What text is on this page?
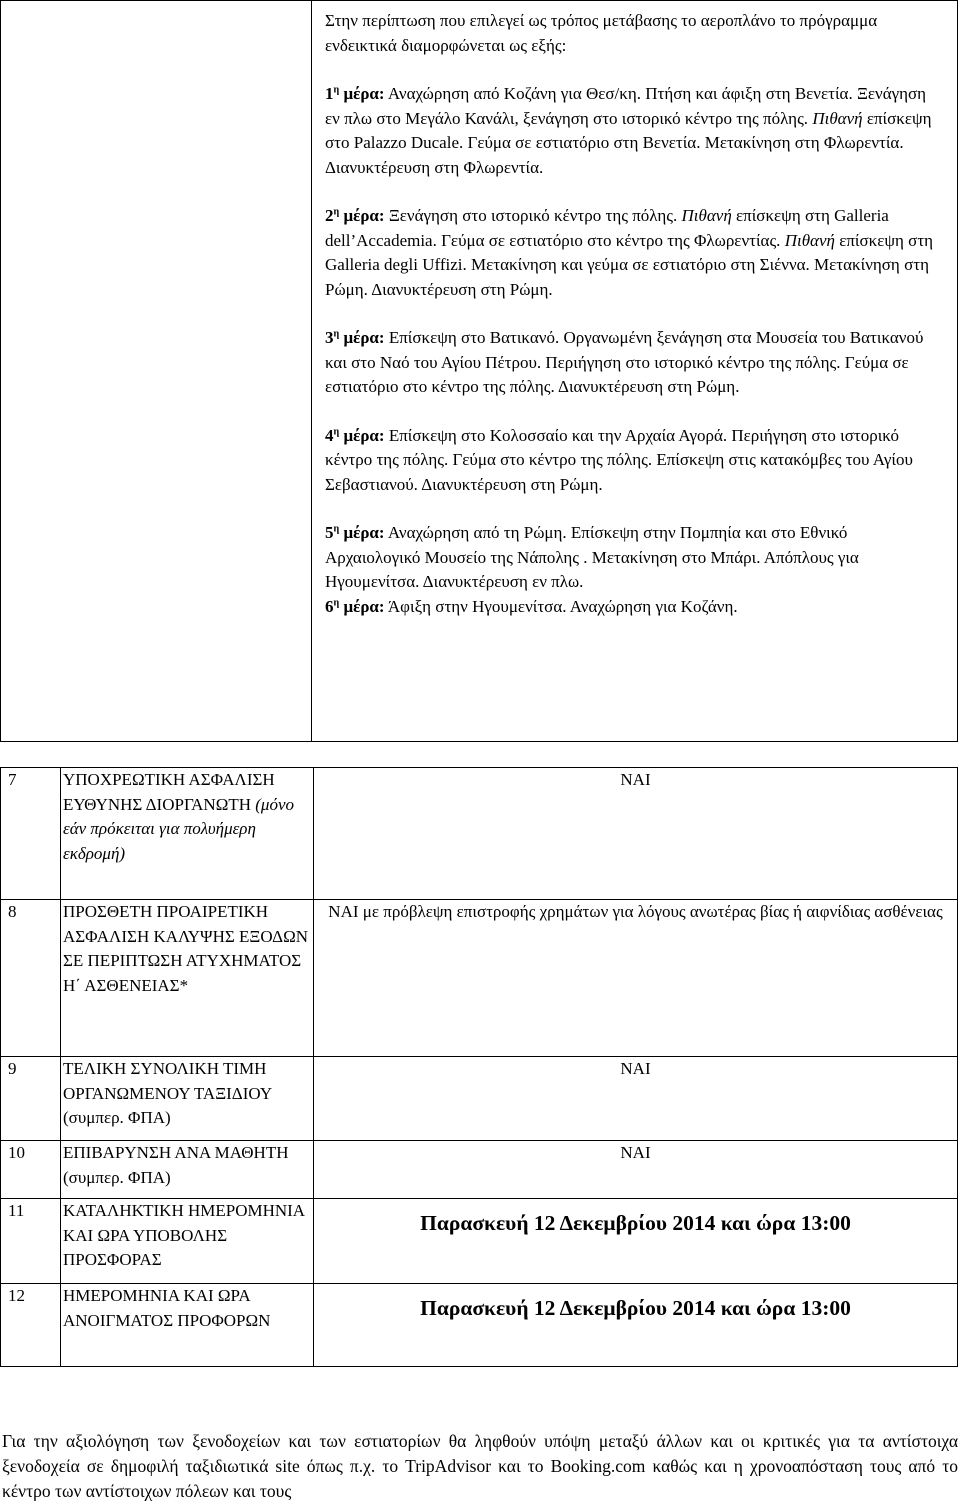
Στην περίπτωση που επιλεγεί ως τρόπος μετάβασης το αεροπλάνο το πρόγραμμα ενδεικτικά διαμορφώνεται ως εξής:

$1^\eta$ μέρα: Αναχώρηση από Κοζάνη για Θεσ/κη. Πτήση και άφιξη στη Βενετία. Ξενάγηση εν πλω στο Μεγάλο Κανάλι, ξενάγηση στο ιστορικό κέντρο της πόλης. Πιθανή επίσκεψη στο Palazzo Ducale. Γεύμα σε εστιατόριο στη Βενετία. Μετακίνηση στη Φλωρεντία. Διανυκτέρευση στη Φλωρεντία.

$2^\eta$ μέρα: Ξενάγηση στο ιστορικό κέντρο της πόλης. Πιθανή επίσκεψη στη Galleria dell’Accademia. Γεύμα σε εστιατόριο στο κέντρο της Φλωρεντίας. Πιθανή επίσκεψη στη Galleria degli Uffizi. Μετακίνηση και γεύμα σε εστιατόριο στη Σιέννα. Μετακίνηση στη Ρώμη. Διανυκτέρευση στη Ρώμη.

$3^\eta$ μέρα: Επίσκεψη στο Βατικανό. Οργανωμένη ξενάγηση στα Μουσεία του Βατικανού και στο Ναό του Αγίου Πέτρου. Περιήγηση στο ιστορικό κέντρο της πόλης. Γεύμα σε εστιατόριο στο κέντρο της πόλης. Διανυκτέρευση στη Ρώμη.

$4^\eta$ μέρα: Επίσκεψη στο Κολοσσαίο και την Αρχαία Αγορά. Περιήγηση στο ιστορικό κέντρο της πόλης. Γεύμα στο κέντρο της πόλης. Επίσκεψη στις κατακόμβες του Αγίου Σεβαστιανού. Διανυκτέρευση στη Ρώμη.

$5^\eta$ μέρα: Αναχώρηση από τη Ρώμη. Επίσκεψη στην Πομπηία και στο Εθνικό Αρχαιολογικό Μουσείο της Νάπολης . Μετακίνηση στο Μπάρι. Απόπλους για Ηγουμενίτσα. Διανυκτέρευση εν πλω.

$6^\eta$ μέρα: Άφιξη στην Ηγουμενίτσα. Αναχώρηση για Κοζάνη.

7	ΥΠΟΧΡΕΩΤΙΚΗ ΑΣΦΑΛΙΣΗ ΕΥΘΥΝΗΣ ΔΙΟΡΓΑΝΩΤΗ (μόνο εάν πρόκειται για πολυήμερη εκδρομή)	ΝΑΙ
8	ΠΡΟΣΘΕΤΗ ΠΡΟΑΙΡΕΤΙΚΗ ΑΣΦΑΛΙΣΗ ΚΑΛΥΨΗΣ ΕΞΟΔΩΝ ΣΕ ΠΕΡΙΠΤΩΣΗ ΑΤΥΧΗΜΑΤΟΣ Η΄ ΑΣΘΕΝΕΙΑΣ*	ΝΑΙ με πρόβλεψη επιστροφής χρημάτων για λόγους ανωτέρας βίας ή αιφνίδιας ασθένειας
9	ΤΕΛΙΚΗ ΣΥΝΟΛΙΚΗ ΤΙΜΗ ΟΡΓΑΝΩΜΕΝΟΥ ΤΑΞΙΔΙΟΥ (συμπερ. ΦΠΑ)	ΝΑΙ
10	ΕΠΙΒΑΡΥΝΣΗ ΑΝΑ ΜΑΘΗΤΗ (συμπερ. ΦΠΑ)	ΝΑΙ
11	ΚΑΤΑΛΗΚΤΙΚΗ ΗΜΕΡΟΜΗΝΙΑ ΚΑΙ ΩΡΑ ΥΠΟΒΟΛΗΣ ΠΡΟΣΦΟΡΑΣ	Παρασκευή 12 Δεκεμβρίου 2014 και ώρα 13:00

12	ΗΜΕΡΟΜΗΝΙΑ ΚΑΙ ΩΡΑ ΑΝΟΙΓΜΑΤΟΣ ΠΡΟΦΟΡΩΝ	Παρασκευή 12 Δεκεμβρίου 2014 και ώρα 13:00

Για την αξιολόγηση των ξενοδοχείων και των εστιατορίων θα ληφθούν υπόψη μεταξύ άλλων και οι κριτικές για τα αντίστοιχα ξενοδοχεία σε δημοφιλή ταξιδιωτικά site όπως π.χ. το TripAdvisor και το Booking.com καθώς και η χρονοαπόσταση τους από το κέντρο των αντίστοιχων πόλεων και τους
